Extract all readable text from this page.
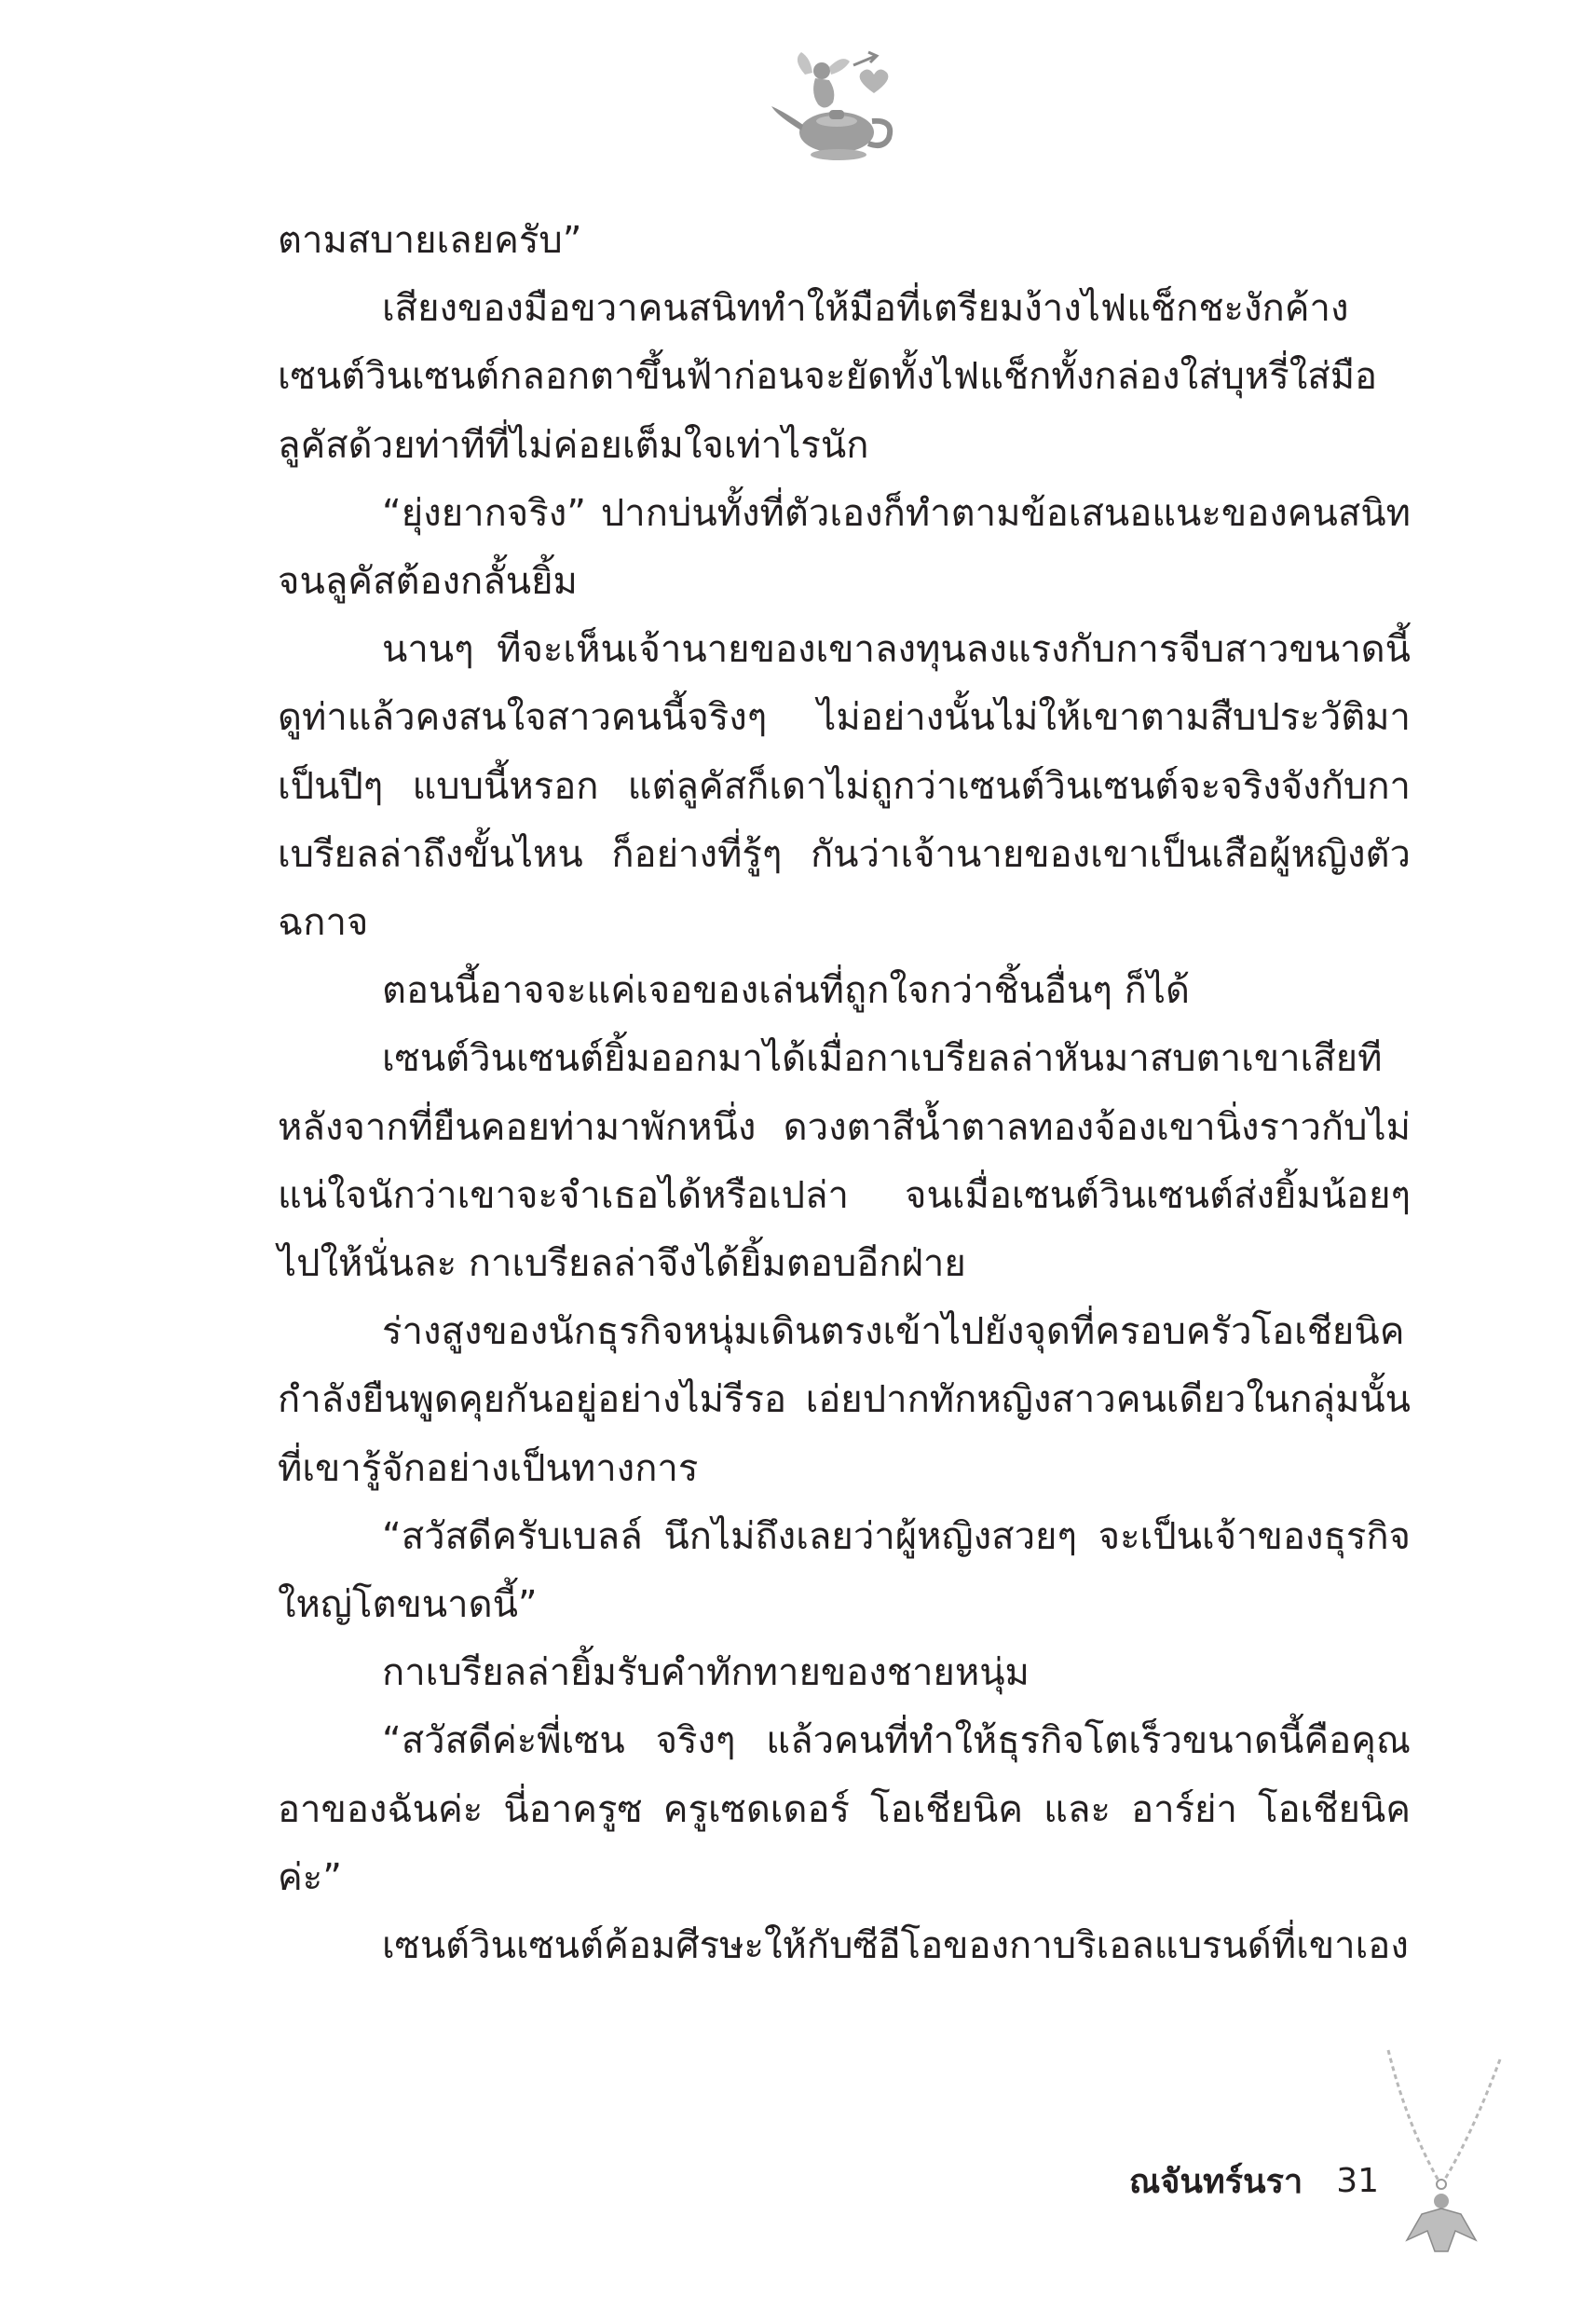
ตามสบายเลยครับ”

เสียงของมือขวาคนสนิททำให้มือที่เตรียมง้างไฟแช็กชะงักค้าง เซนต์วินเซนต์กลอกตาขึ้นฟ้าก่อนจะยัดทั้งไฟแช็กทั้งกล่องใส่บุหรี่ใส่มือลูคัสด้วยท่าทีที่ไม่ค่อยเต็มใจเท่าไรนัก

“ยุ่งยากจริง” ปากบ่นทั้งที่ตัวเองก็ทำตามข้อเสนอแนะของคนสนิทจนลูคัสต้องกลั้นยิ้ม

นานๆ ทีจะเห็นเจ้านายของเขาลงทุนลงแรงกับการจีบสาวขนาดนี้ ดูท่าแล้วคงสนใจสาวคนนี้จริงๆ ไม่อย่างนั้นไม่ให้เขาตามสืบประวัติมาเป็นปีๆ แบบนี้หรอก แต่ลูคัสก็เดาไม่ถูกว่าเซนต์วินเซนต์จะจริงจังกับกาเบรียลล่าถึงขั้นไหน ก็อย่างที่รู้ๆ กันว่าเจ้านายของเขาเป็นเสือผู้หญิงตัวฉกาจ

ตอนนี้อาจจะแค่เจอของเล่นที่ถูกใจกว่าชิ้นอื่นๆ ก็ได้

เซนต์วินเซนต์ยิ้มออกมาได้เมื่อกาเบรียลล่าหันมาสบตาเขาเสียทีหลังจากที่ยืนคอยท่ามาพักหนึ่ง ดวงตาสีน้ำตาลทองจ้องเขานิ่งราวกับไม่แน่ใจนักว่าเขาจะจำเธอได้หรือเปล่า จนเมื่อเซนต์วินเซนต์ส่งยิ้มน้อยๆ ไปให้นั่นละ กาเบรียลล่าจึงได้ยิ้มตอบอีกฝ่าย

ร่างสูงของนักธุรกิจหนุ่มเดินตรงเข้าไปยังจุดที่ครอบครัวโอเชียนิคกำลังยืนพูดคุยกันอยู่อย่างไม่รีรอ เอ่ยปากทักหญิงสาวคนเดียวในกลุ่มนั้นที่เขารู้จักอย่างเป็นทางการ

“สวัสดีครับเบลล์ นึกไม่ถึงเลยว่าผู้หญิงสวยๆ จะเป็นเจ้าของธุรกิจใหญ่โตขนาดนี้”

กาเบรียลล่ายิ้มรับคำทักทายของชายหนุ่ม

“สวัสดีค่ะพี่เซน จริงๆ แล้วคนที่ทำให้ธุรกิจโตเร็วขนาดนี้คือคุณอาของฉันค่ะ นี่อาครูซ ครูเซดเดอร์ โอเชียนิค และ อาร์ย่า โอเชียนิค ค่ะ”

เซนต์วินเซนต์ค้อมศีรษะให้กับซีอีโอของกาบริเอลแบรนด์ที่เขาเอง

ณจันทร์นรา 31
